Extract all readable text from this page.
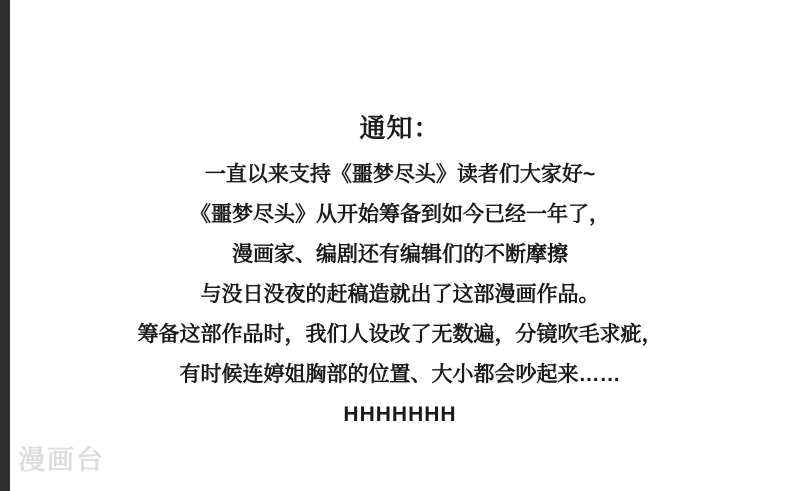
通知：
一直以来支持《噩梦尽头》读者们大家好~
《噩梦尽头》从开始筹备到如今已经一年了，
漫画家、编剧还有编辑们的不断摩擦
与没日没夜的赶稿造就出了这部漫画作品。
筹备这部作品时，我们人设改了无数遍，分镜吹毛求疵，
有时候连婷姐胸部的位置、大小都会吵起来……
HHHHHHH
漫画台
